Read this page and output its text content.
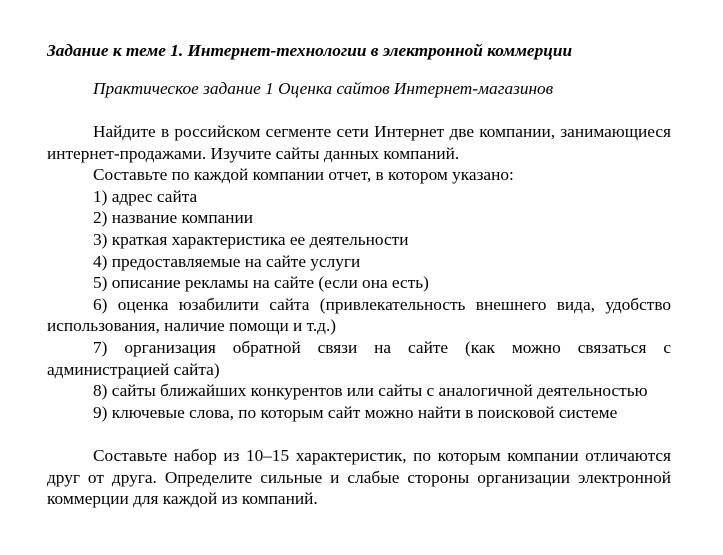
Задание к теме 1. Интернет-технологии в электронной коммерции
Практическое задание 1 Оценка сайтов Интернет-магазинов

Найдите в российском сегменте сети Интернет две компании, занимающиеся интернет-продажами. Изучите сайты данных компаний.

Составьте по каждой компании отчет, в котором указано:

1) адрес сайта

2) название компании

3) краткая характеристика ее деятельности

4) предоставляемые на сайте услуги

5) описание рекламы на сайте (если она есть)

6) оценка юзабилити сайта (привлекательность внешнего вида, удобство использования, наличие помощи и т.д.)

7) организация обратной связи на сайте (как можно связаться с администрацией сайта)

8) сайты ближайших конкурентов или сайты с аналогичной деятельностью

9) ключевые слова, по которым сайт можно найти в поисковой системе

Составьте набор из 10–15 характеристик, по которым компании отличаются друг от друга. Определите сильные и слабые стороны организации электронной коммерции для каждой из компаний.
